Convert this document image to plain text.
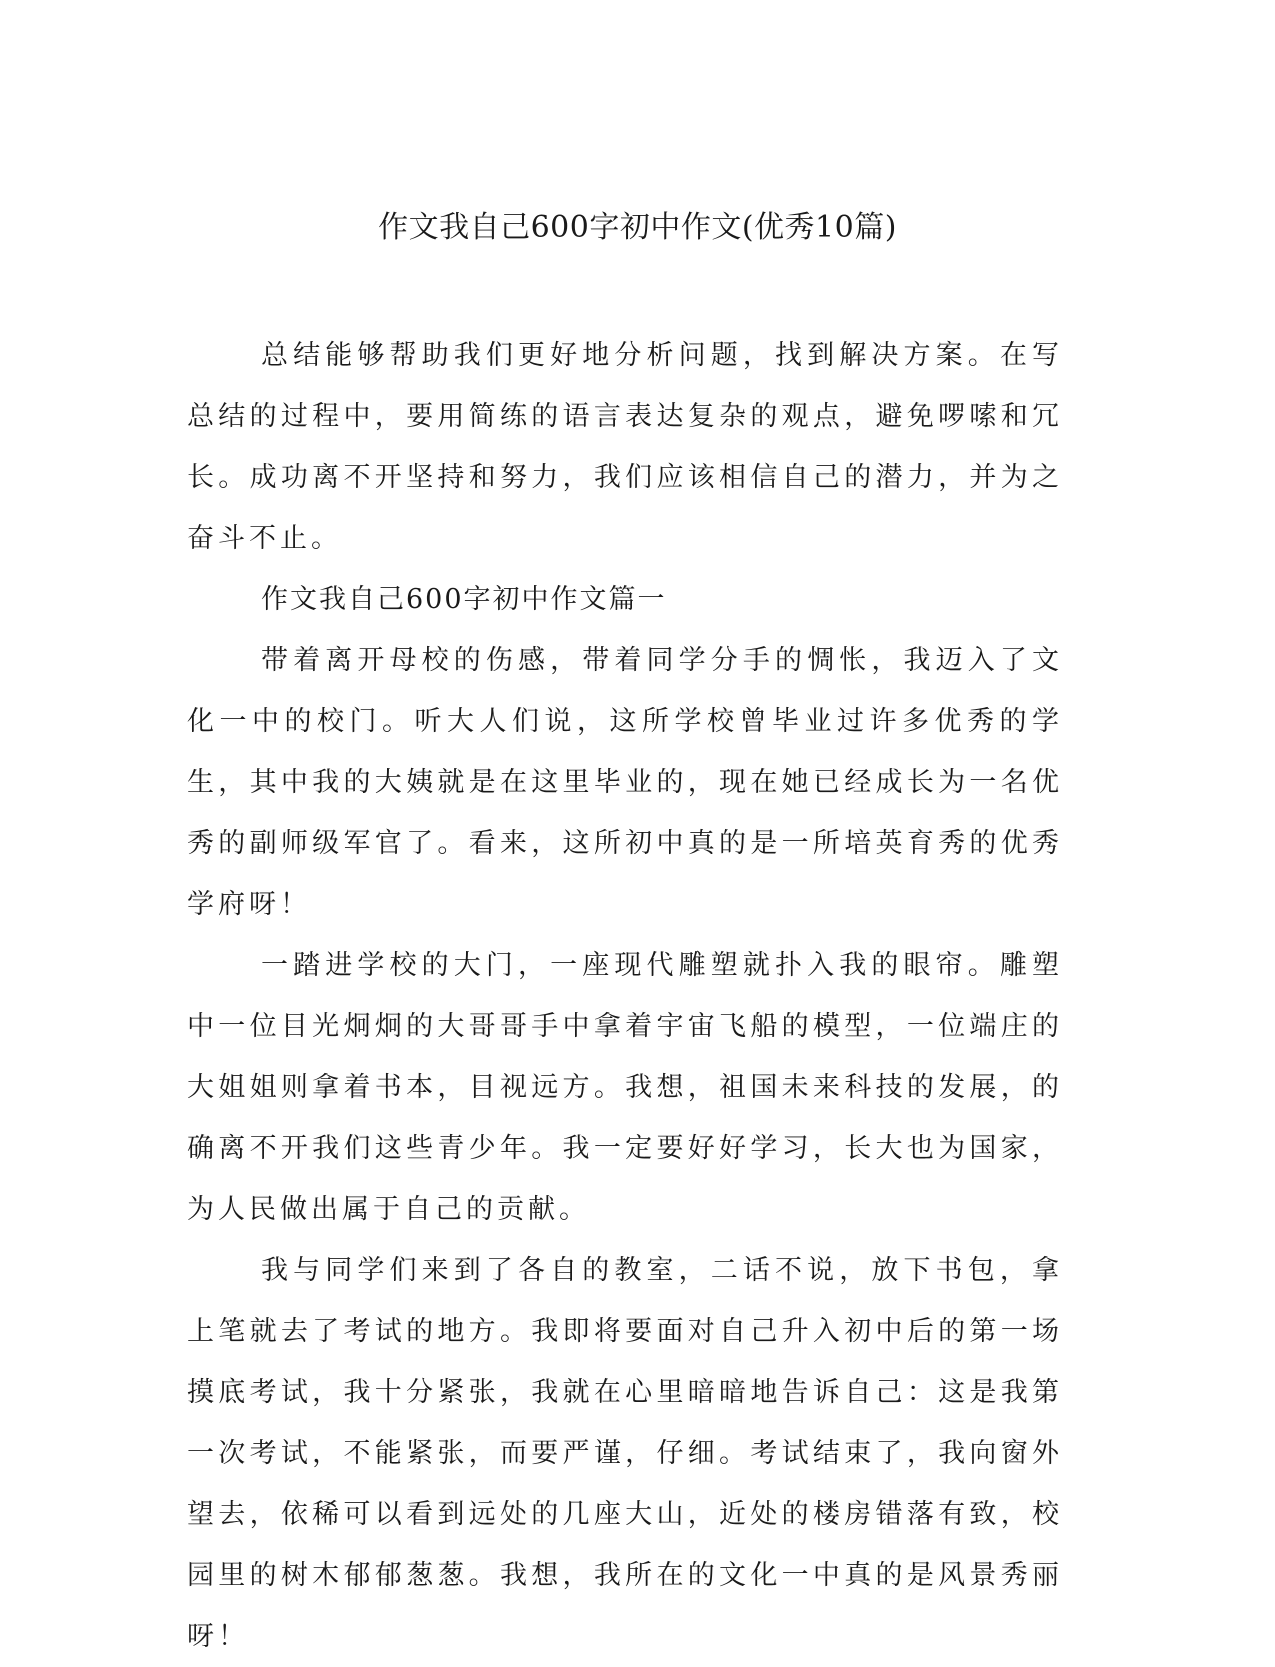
作文我自己600字初中作文(优秀10篇)

总结能够帮助我们更好地分析问题，找到解决方案。在写总结的过程中，要用简练的语言表达复杂的观点，避免啰嗦和冗长。成功离不开坚持和努力，我们应该相信自己的潜力，并为之奋斗不止。

作文我自己600字初中作文篇一

带着离开母校的伤感，带着同学分手的惆怅，我迈入了文化一中的校门。听大人们说，这所学校曾毕业过许多优秀的学生，其中我的大姨就是在这里毕业的，现在她已经成长为一名优秀的副师级军官了。看来，这所初中真的是一所培英育秀的优秀学府呀！

一踏进学校的大门，一座现代雕塑就扑入我的眼帘。雕塑中一位目光炯炯的大哥哥手中拿着宇宙飞船的模型，一位端庄的大姐姐则拿着书本，目视远方。我想，祖国未来科技的发展，的确离不开我们这些青少年。我一定要好好学习，长大也为国家，为人民做出属于自己的贡献。

我与同学们来到了各自的教室，二话不说，放下书包，拿上笔就去了考试的地方。我即将要面对自己升入初中后的第一场摸底考试，我十分紧张，我就在心里暗暗地告诉自己：这是我第一次考试，不能紧张，而要严谨，仔细。考试结束了，我向窗外望去，依稀可以看到远处的几座大山，近处的楼房错落有致，校园里的树木郁郁葱葱。我想，我所在的文化一中真的是风景秀丽呀！
